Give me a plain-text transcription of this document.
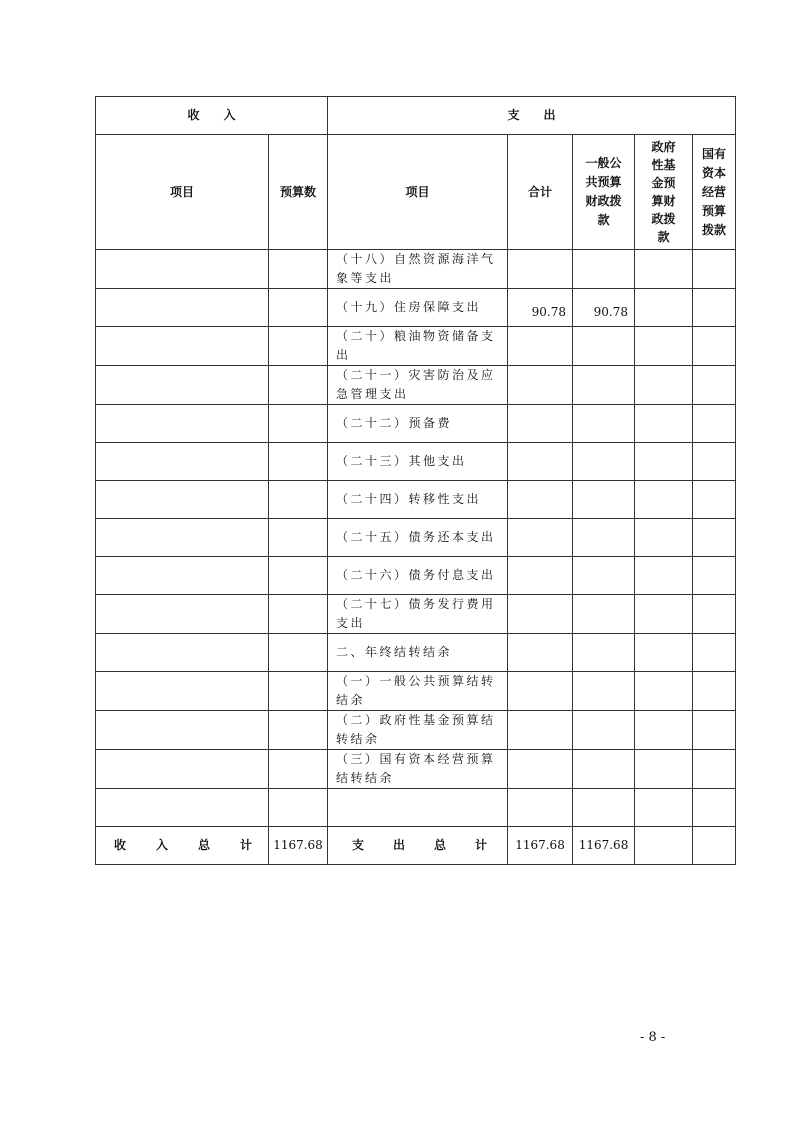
收　　入		支　　出				
项目	预算数	项目	合计	一般公共预算财政拨款	政府性基金预算财政拨款	国有资本经营预算拨款
		（十八）自然资源海洋气象等支出				
		（十九）住房保障支出	90.78	90.78		
		（二十）粮油物资储备支出				
		（二十一）灾害防治及应急管理支出				
		（二十二）预备费				
		（二十三）其他支出				
		（二十四）转移性支出				
		（二十五）债务还本支出				
		（二十六）债务付息支出				
		（二十七）债务发行费用支出				
		二、年终结转结余				
		（一）一般公共预算结转结余				
		（二）政府性基金预算结转结余				
		（三）国有资本经营预算结转结余				

收 入 总 计	1167.68	支 出 总 计	1167.68	1167.68		
- 8 -
